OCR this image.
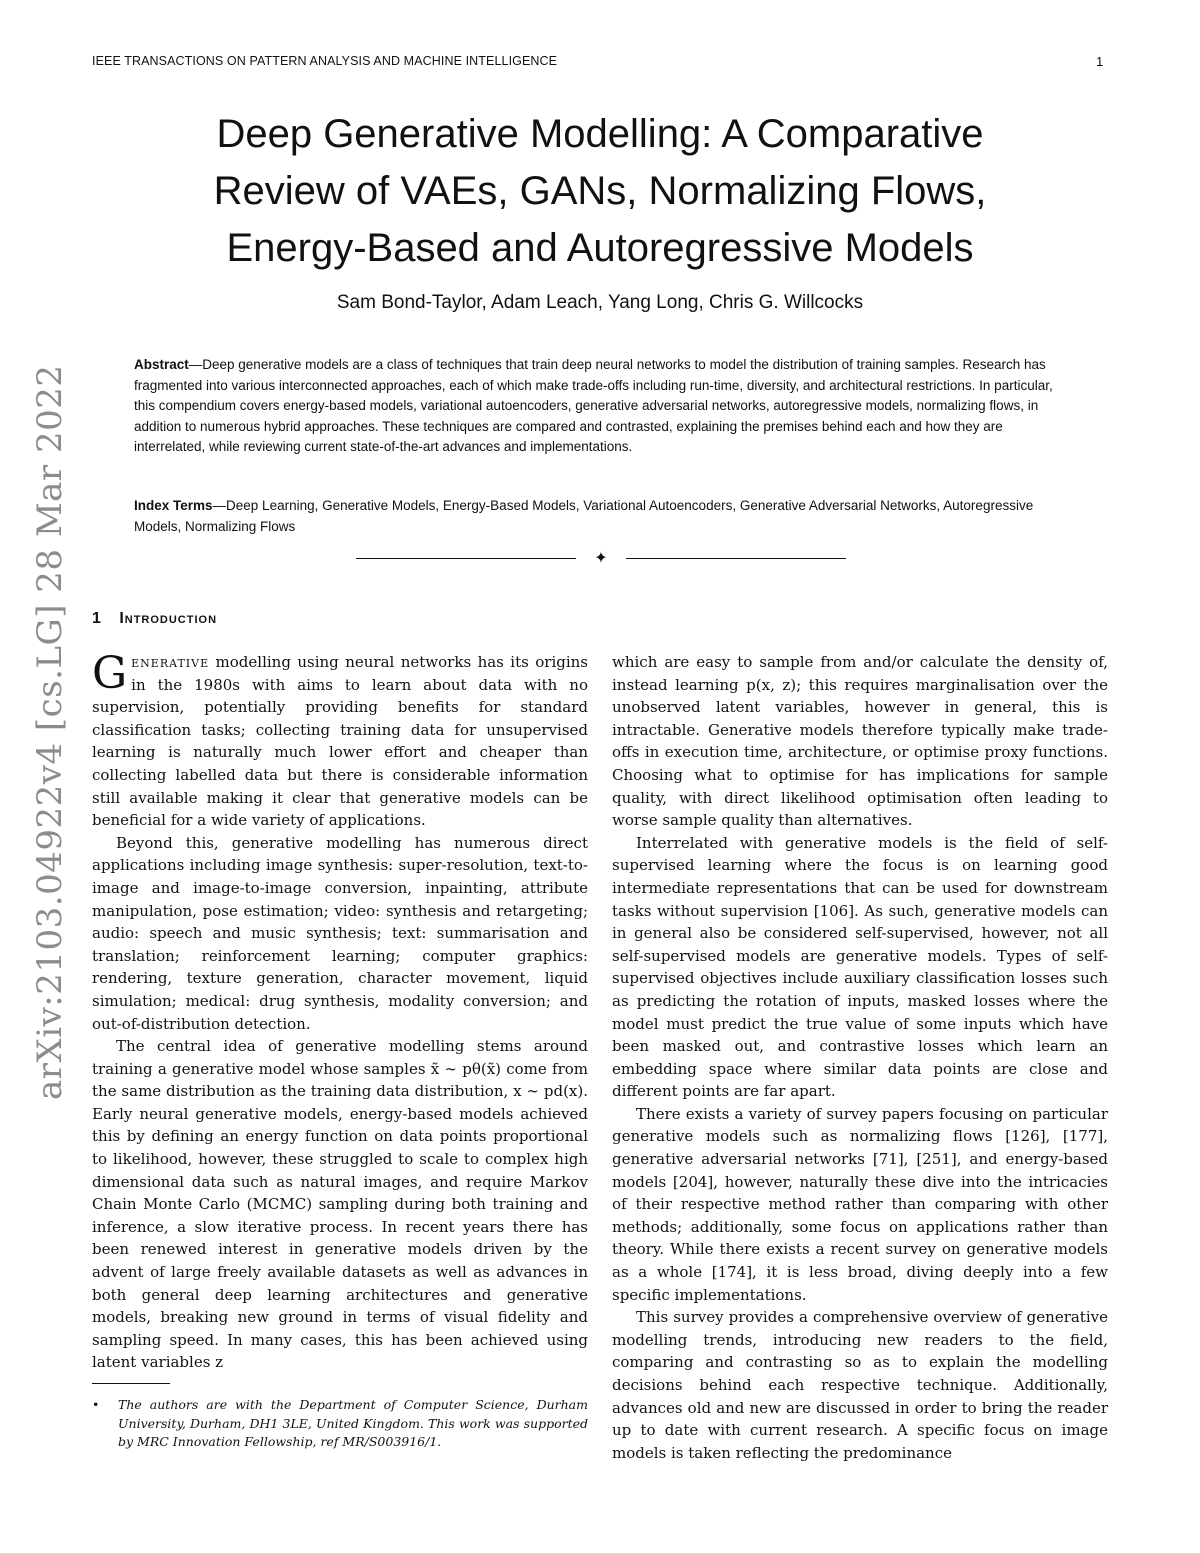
IEEE TRANSACTIONS ON PATTERN ANALYSIS AND MACHINE INTELLIGENCE	1
Deep Generative Modelling: A Comparative
Review of VAEs, GANs, Normalizing Flows,
Energy-Based and Autoregressive Models
Sam Bond-Taylor, Adam Leach, Yang Long, Chris G. Willcocks
Abstract—Deep generative models are a class of techniques that train deep neural networks to model the distribution of training samples. Research has fragmented into various interconnected approaches, each of which make trade-offs including run-time, diversity, and architectural restrictions. In particular, this compendium covers energy-based models, variational autoencoders, generative adversarial networks, autoregressive models, normalizing flows, in addition to numerous hybrid approaches. These techniques are compared and contrasted, explaining the premises behind each and how they are interrelated, while reviewing current state-of-the-art advances and implementations.
Index Terms—Deep Learning, Generative Models, Energy-Based Models, Variational Autoencoders, Generative Adversarial Networks, Autoregressive Models, Normalizing Flows
✦
1 Introduction

Generative modelling using neural networks has its origins in the 1980s with aims to learn about data with no supervision, potentially providing benefits for standard classification tasks; collecting training data for unsupervised learning is naturally much lower effort and cheaper than collecting labelled data but there is considerable information still available making it clear that generative models can be beneficial for a wide variety of applications.

Beyond this, generative modelling has numerous direct applications including image synthesis: super-resolution, text-to-image and image-to-image conversion, inpainting, attribute manipulation, pose estimation; video: synthesis and retargeting; audio: speech and music synthesis; text: summarisation and translation; reinforcement learning; computer graphics: rendering, texture generation, character movement, liquid simulation; medical: drug synthesis, modality conversion; and out-of-distribution detection.

The central idea of generative modelling stems around training a generative model whose samples x̃ ∼ pθ(x̃) come from the same distribution as the training data distribution, x ∼ pd(x). Early neural generative models, energy-based models achieved this by defining an energy function on data points proportional to likelihood, however, these struggled to scale to complex high dimensional data such as natural images, and require Markov Chain Monte Carlo (MCMC) sampling during both training and inference, a slow iterative process. In recent years there has been renewed interest in generative models driven by the advent of large freely available datasets as well as advances in both general deep learning architectures and generative models, breaking new ground in terms of visual fidelity and sampling speed. In many cases, this has been achieved using latent variables z

which are easy to sample from and/or calculate the density of, instead learning p(x, z); this requires marginalisation over the unobserved latent variables, however in general, this is intractable. Generative models therefore typically make trade-offs in execution time, architecture, or optimise proxy functions. Choosing what to optimise for has implications for sample quality, with direct likelihood optimisation often leading to worse sample quality than alternatives.

Interrelated with generative models is the field of self-supervised learning where the focus is on learning good intermediate representations that can be used for downstream tasks without supervision [106]. As such, generative models can in general also be considered self-supervised, however, not all self-supervised models are generative models. Types of self-supervised objectives include auxiliary classification losses such as predicting the rotation of inputs, masked losses where the model must predict the true value of some inputs which have been masked out, and contrastive losses which learn an embedding space where similar data points are close and different points are far apart.

There exists a variety of survey papers focusing on particular generative models such as normalizing flows [126], [177], generative adversarial networks [71], [251], and energy-based models [204], however, naturally these dive into the intricacies of their respective method rather than comparing with other methods; additionally, some focus on applications rather than theory. While there exists a recent survey on generative models as a whole [174], it is less broad, diving deeply into a few specific implementations.

This survey provides a comprehensive overview of generative modelling trends, introducing new readers to the field, comparing and contrasting so as to explain the modelling decisions behind each respective technique. Additionally, advances old and new are discussed in order to bring the reader up to date with current research. A specific focus on image models is taken reflecting the predominance

• The authors are with the Department of Computer Science, Durham University, Durham, DH1 3LE, United Kingdom. This work was supported by MRC Innovation Fellowship, ref MR/S003916/1.
arXiv:2103.04922v4 [cs.LG] 28 Mar 2022
